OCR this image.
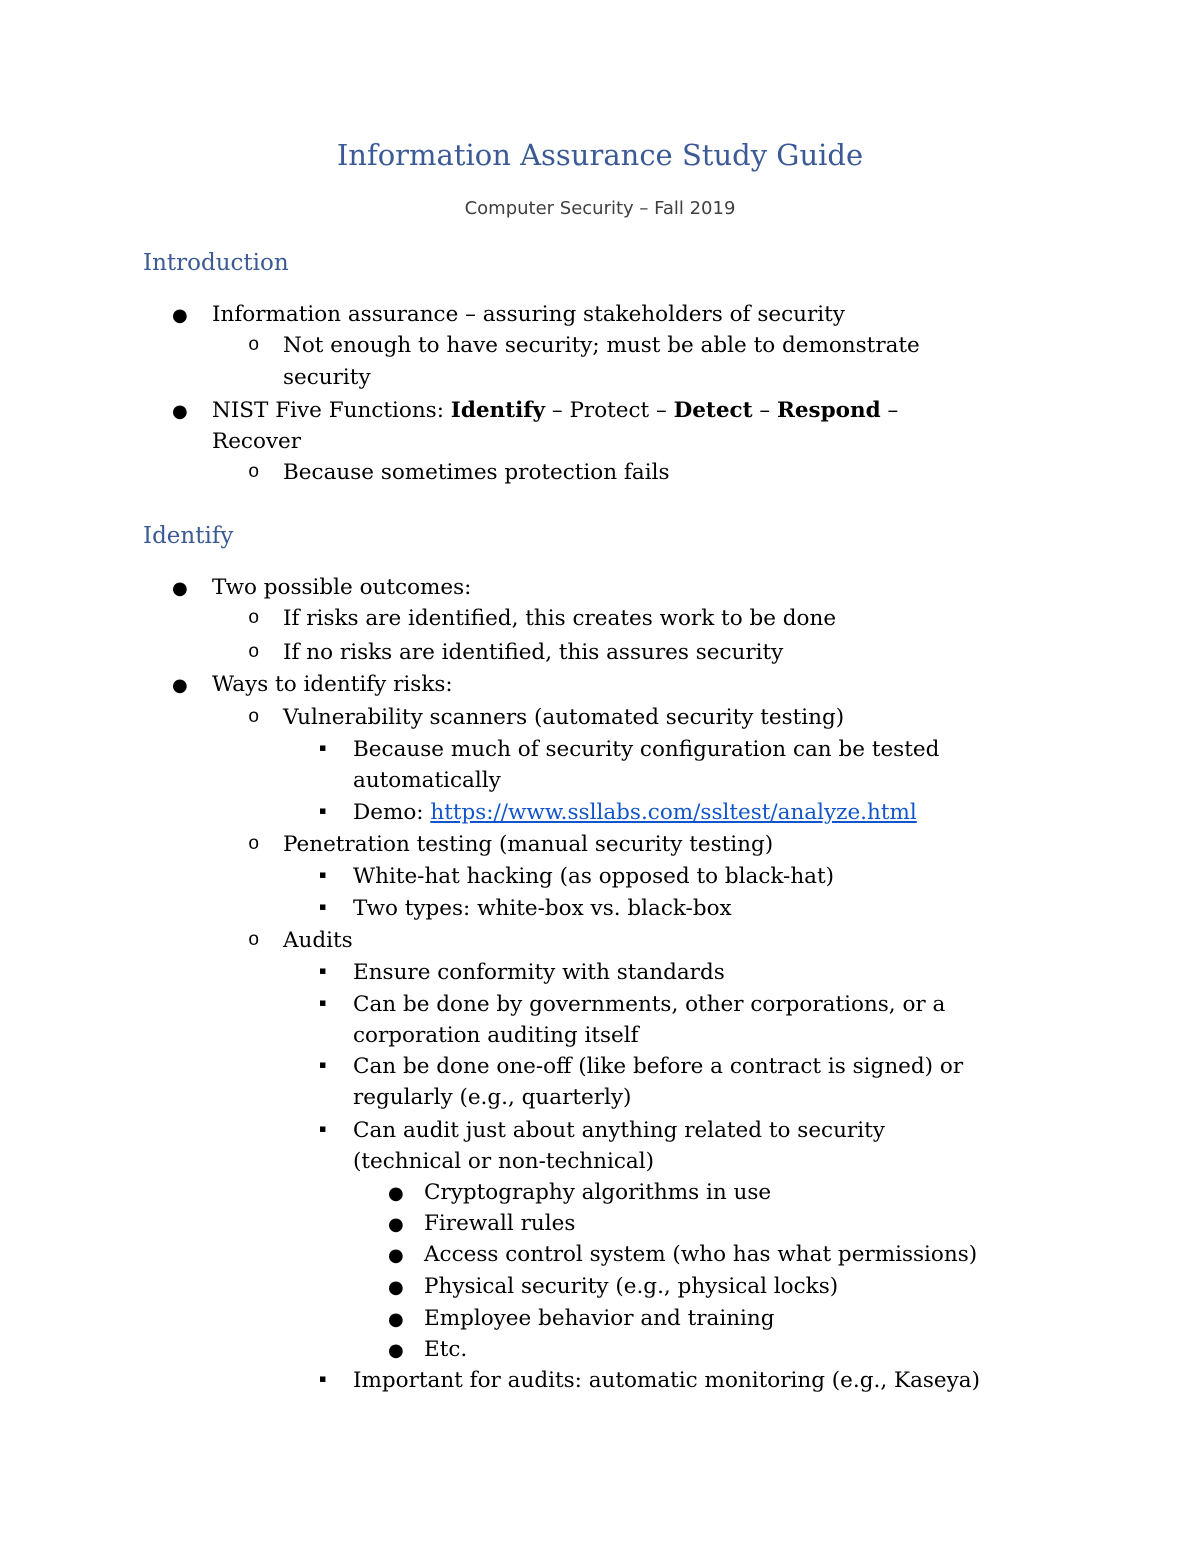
Information Assurance Study Guide
Computer Security – Fall 2019
Introduction
● Information assurance – assuring stakeholders of security
o Not enough to have security; must be able to demonstrate
security
● NIST Five Functions: Identify – Protect – Detect – Respond –
Recover
o Because sometimes protection fails
Identify
● Two possible outcomes:
o If risks are identified, this creates work to be done
o If no risks are identified, this assures security
● Ways to identify risks:
o Vulnerability scanners (automated security testing)
▪ Because much of security configuration can be tested
automatically
▪ Demo: https://www.ssllabs.com/ssltest/analyze.html
o Penetration testing (manual security testing)
▪ White-hat hacking (as opposed to black-hat)
▪ Two types: white-box vs. black-box
o Audits
▪ Ensure conformity with standards
▪ Can be done by governments, other corporations, or a
corporation auditing itself
▪ Can be done one-off (like before a contract is signed) or
regularly (e.g., quarterly)
▪ Can audit just about anything related to security
(technical or non-technical)
● Cryptography algorithms in use
● Firewall rules
● Access control system (who has what permissions)
● Physical security (e.g., physical locks)
● Employee behavior and training
● Etc.
▪ Important for audits: automatic monitoring (e.g., Kaseya)
